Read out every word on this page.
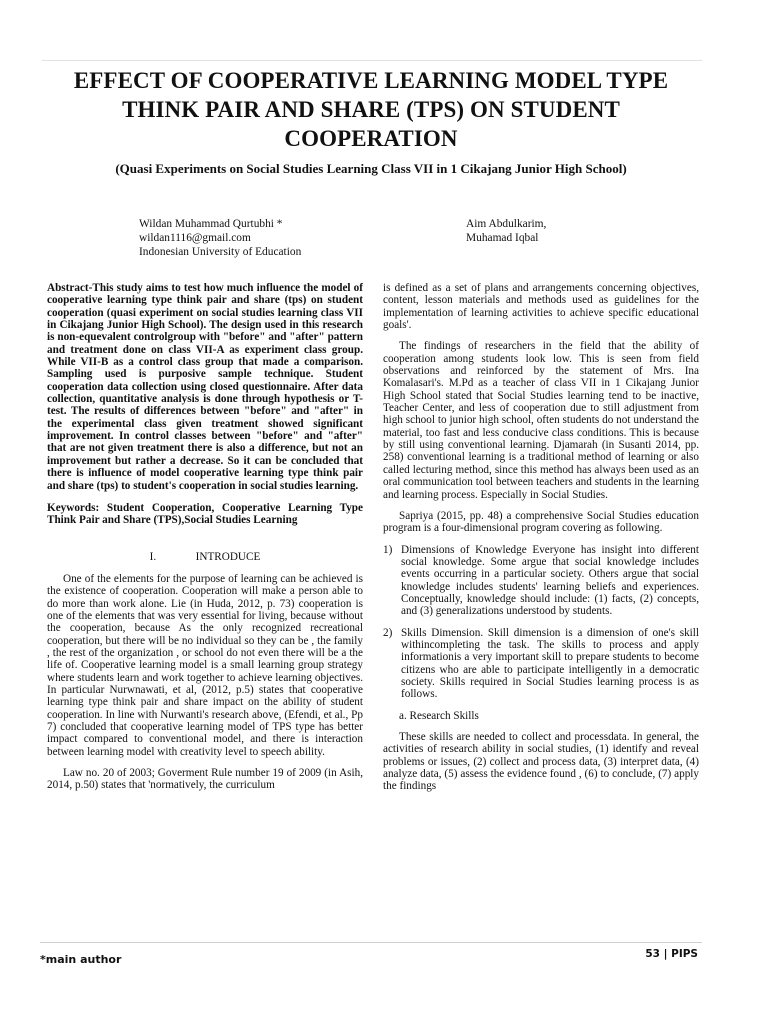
EFFECT OF COOPERATIVE LEARNING MODEL TYPE THINK PAIR AND SHARE (TPS) ON STUDENT COOPERATION
(Quasi Experiments on Social Studies Learning Class VII in 1 Cikajang Junior High School)
Wildan Muhammad Qurtubhi *
wildan1116@gmail.com
Indonesian University of Education
Aim Abdulkarim,
Muhamad Iqbal

Abstract-This study aims to test how much influence the model of cooperative learning type think pair and share (tps) on student cooperation (quasi experiment on social studies learning class VII in Cikajang Junior High School). The design used in this research is non-equevalent controlgroup with "before" and "after" pattern and treatment done on class VII-A as experiment class group. While VII-B as a control class group that made a comparison. Sampling used is purposive sample technique. Student cooperation data collection using closed questionnaire. After data collection, quantitative analysis is done through hypothesis or T-test. The results of differences between "before" and "after" in the experimental class given treatment showed significant improvement. In control classes between "before" and "after" that are not given treatment there is also a difference, but not an improvement but rather a decrease. So it can be concluded that there is influence of model cooperative learning type think pair and share (tps) to student's cooperation in social studies learning.

Keywords: Student Cooperation, Cooperative Learning Type Think Pair and Share (TPS),Social Studies Learning

I.	INTRODUCE

One of the elements for the purpose of learning can be achieved is the existence of cooperation. Cooperation will make a person able to do more than work alone. Lie (in Huda, 2012, p. 73) cooperation is one of the elements that was very essential for living, because without the cooperation, because As the only recognized recreational cooperation, but there will be no individual so they can be , the family , the rest of the organization , or school do not even there will be a the life of. Cooperative learning model is a small learning group strategy where students learn and work together to achieve learning objectives. In particular Nurwnawati, et al, (2012, p.5) states that cooperative learning type think pair and share impact on the ability of student cooperation. In line with Nurwanti's research above, (Efendi, et al., Pp 7) concluded that cooperative learning model of TPS type has better impact compared to conventional model, and there is interaction between learning model with creativity level to speech ability.

Law no. 20 of 2003; Goverment Rule number 19 of 2009 (in Asih, 2014, p.50) states that 'normatively, the curriculum

is defined as a set of plans and arrangements concerning objectives, content, lesson materials and methods used as guidelines for the implementation of learning activities to achieve specific educational goals'.

The findings of researchers in the field that the ability of cooperation among students look low. This is seen from field observations and reinforced by the statement of Mrs. Ina Komalasari's. M.Pd as a teacher of class VII in 1 Cikajang Junior High School stated that Social Studies learning tend to be inactive, Teacher Center, and less of cooperation due to still adjustment from high school to junior high school, often students do not understand the material, too fast and less conducive class conditions. This is because by still using conventional learning. Djamarah (in Susanti 2014, pp. 258) conventional learning is a traditional method of learning or also called lecturing method, since this method has always been used as an oral communication tool between teachers and students in the learning and learning process. Especially in Social Studies.

Sapriya (2015, pp. 48) a comprehensive Social Studies education program is a four-dimensional program covering as following.

1) Dimensions of Knowledge Everyone has insight into different social knowledge. Some argue that social knowledge includes events occurring in a particular society. Others argue that social knowledge includes students' learning beliefs and experiences. Conceptually, knowledge should include: (1) facts, (2) concepts, and (3) generalizations understood by students.
2) Skills Dimension. Skill dimension is a dimension of one's skill withincompleting the task. The skills to process and apply informationis a very important skill to prepare students to become citizens who are able to participate intelligently in a democratic society. Skills required in Social Studies learning process is as follows.

a. Research Skills

These skills are needed to collect and processdata. In general, the activities of research ability in social studies, (1) identify and reveal problems or issues, (2) collect and process data, (3) interpret data, (4) analyze data, (5) assess the evidence found , (6) to conclude, (7) apply the findings

*main author	53 | PIPS
